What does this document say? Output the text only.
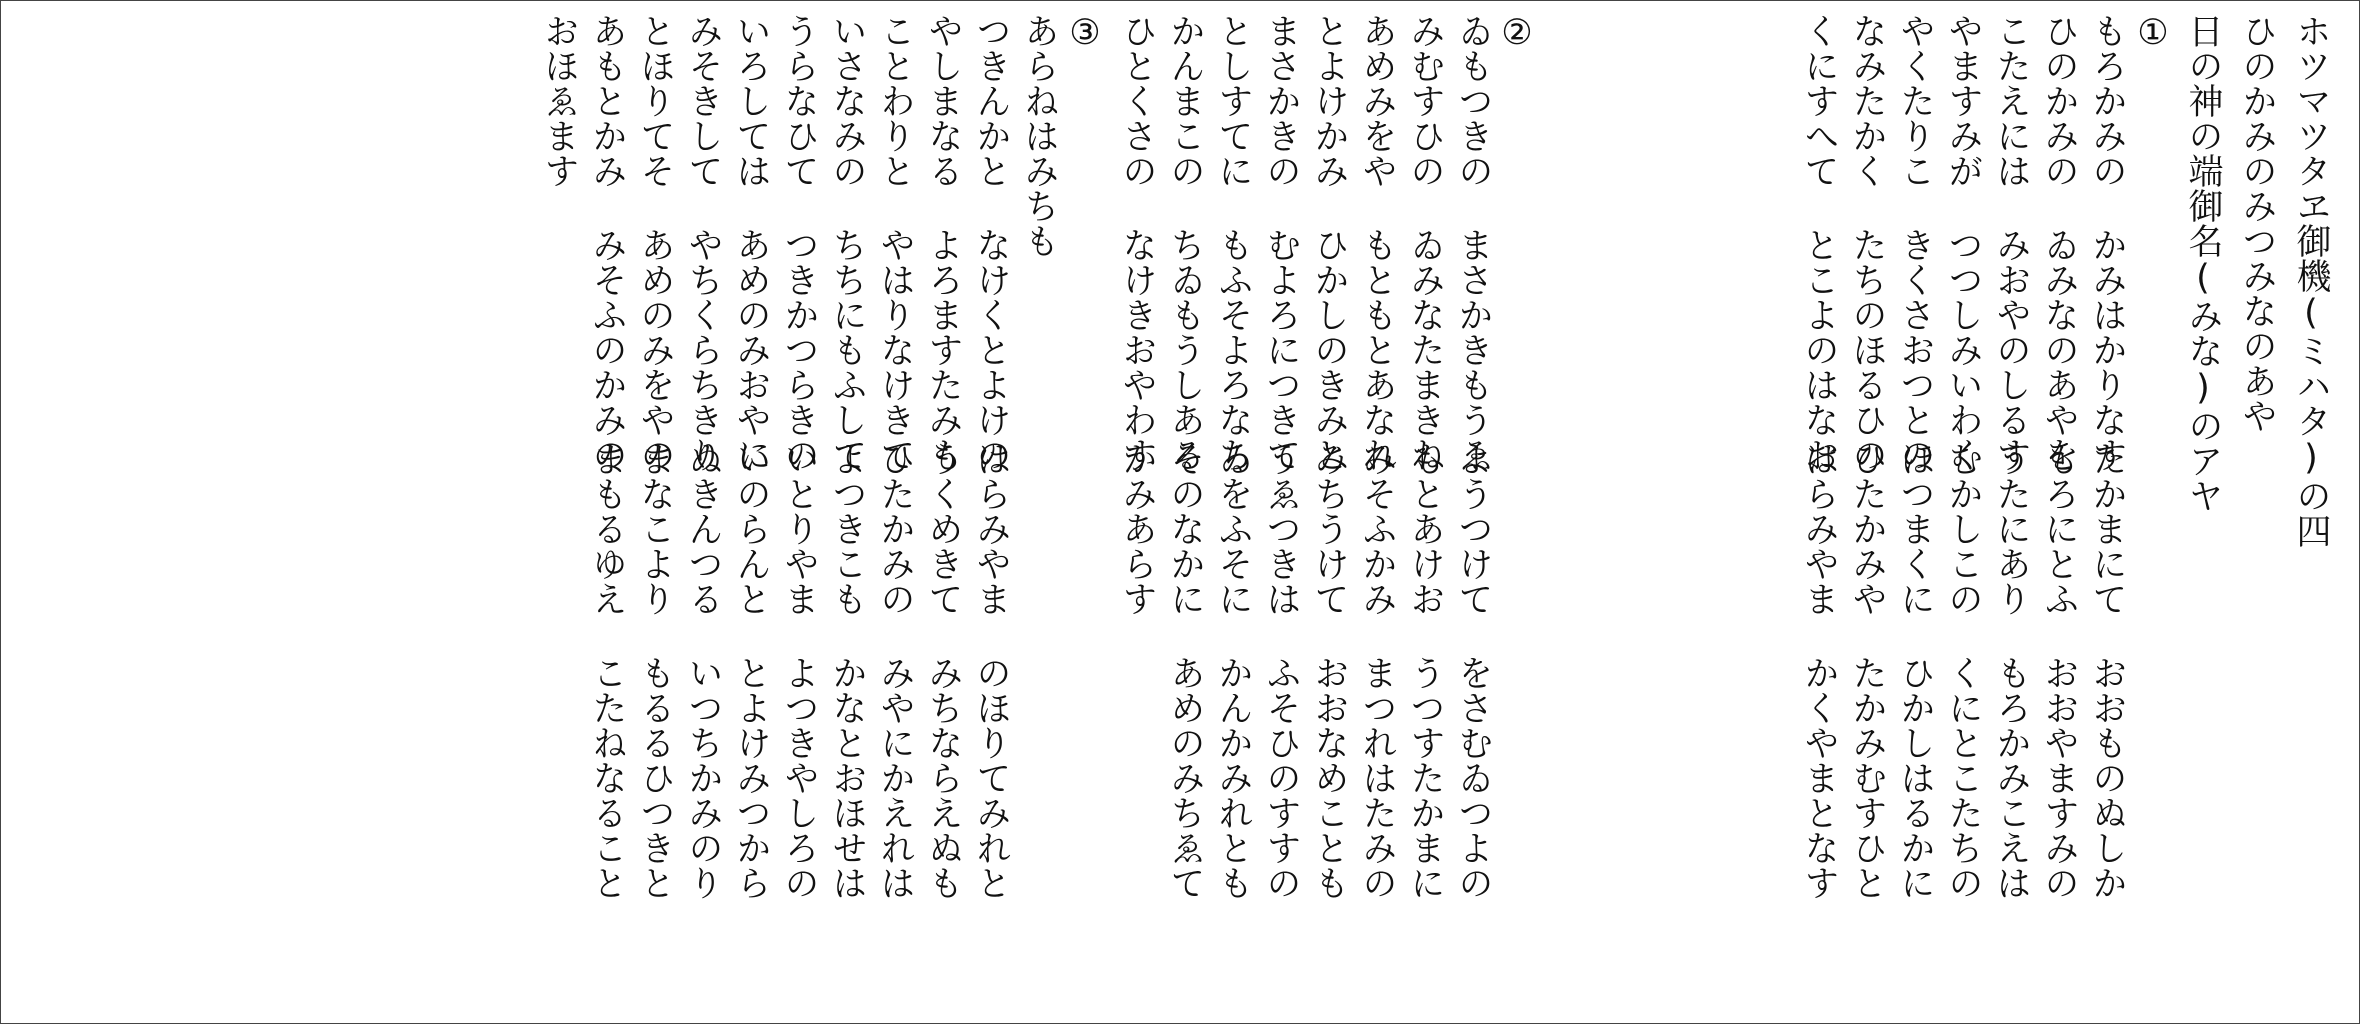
ホツマツタヱ御機(ミハタ)の四
ひのかみのみつみなのあや
日の神の端御名(みな)のアヤ
①
もろかみのかみはかりなすたかまにておおものぬしか
ひのかみのゐみなのあやをもろにとふおおやますみの
こたえにはみおやのしるすうたにありもろかみこえは
やますみがつつしみいわくむかしこのくにとこたちの
やくたりこきくさおつとのほつまくにひかしはるかに
なみたかくたちのほるひのひたかみやたかみむすひと
くにすへてとこよのはなおはらみやまかくやまとなす
②
ゐもつきのまさかきもうゑようつけてをさむゐつよの
みむすひのゐみなたまきねもとあけおうつすたかまに
あめみをやもともとあなれみそふかみまつれはたみの
とよけかみひかしのきみとみちうけておおなめことも
まさかきのむよろにつきてうゑつきはふそひのすすの
としすてにもふそよろなちゐをふそにかんかみれとも
かんまこのちゐもうしあるそのなかにあめのみちゑて
ひとくさのなけきおやわすかみあらす
③
あらねはみちも
つきんかとなけくとよけのはらみやまのほりてみれと
やしまなるよろますたみもうくめきてみちならえぬも
ことわりとやはりなけきてひたかみのみやにかえれは
いさなみのちちにもふしてよつきこもかなとおほせは
うらなひてつきかつらきのいとりやまよつきやしろの
いろしてはあめのみおやにいのらんととよけみつから
みそきしてやちくらちきりぬきんつるいつちかみのり
とほりてそあめのみをやのまなこよりもるるひつきと
あもとかみみそふのかみのまもるゆえこたねなること
おほゑます
